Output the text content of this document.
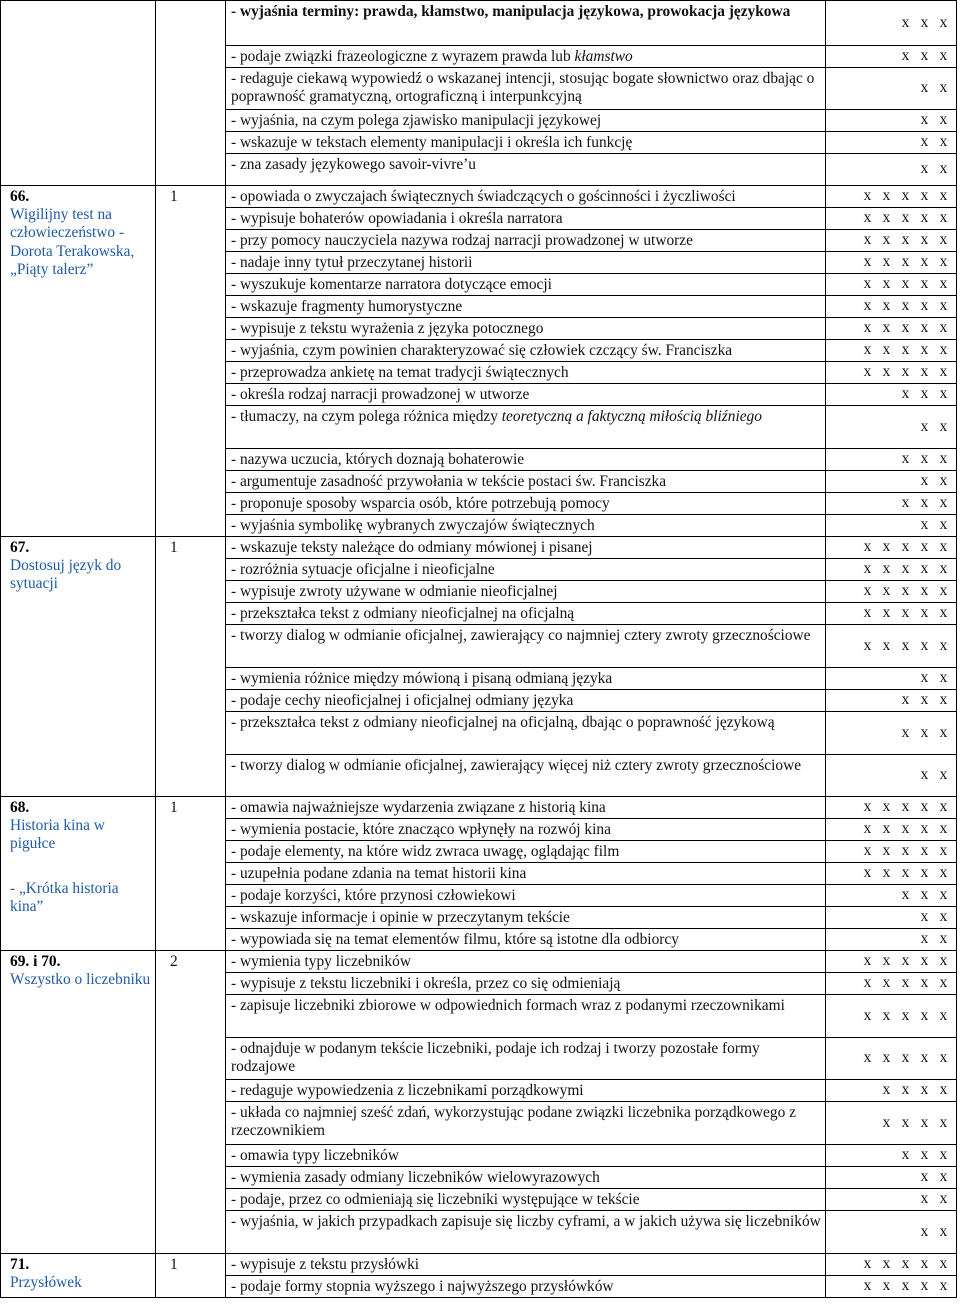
		- wyjaśnia terminy: prawda, kłamstwo, manipulacja językowa, prowokacja językowa	x x x

		- podaje związki frazeologiczne z wyrazem prawda lub kłamstwo	x x x

		- redaguje ciekawą wypowiedź o wskazanej intencji, stosując bogate słownictwo oraz dbając o poprawność gramatyczną, ortograficzną i interpunkcyjną	x x

		- wyjaśnia, na czym polega zjawisko manipulacji językowej	x x

		- wskazuje w tekstach elementy manipulacji i określa ich funkcję	x x

		- zna zasady językowego savoir-vivre’u	x x

66.
Wigilijny test na człowieczeństwo - Dorota Terakowska, „Piąty talerz”	1	- opowiada o zwyczajach świątecznych świadczących o gościnności i życzliwości	x x x x x

		- wypisuje bohaterów opowiadania i określa narratora	x x x x x

		- przy pomocy nauczyciela nazywa rodzaj narracji prowadzonej w utworze	x x x x x

		- nadaje inny tytuł przeczytanej historii	x x x x x

		- wyszukuje komentarze narratora dotyczące emocji	x x x x x

		- wskazuje fragmenty humorystyczne	x x x x x

		- wypisuje z tekstu wyrażenia z języka potocznego	x x x x x

		- wyjaśnia, czym powinien charakteryzować się człowiek czczący św. Franciszka	x x x x x

		- przeprowadza ankietę na temat tradycji świątecznych	x x x x x

		- określa rodzaj narracji prowadzonej w utworze	x x x

		- tłumaczy, na czym polega różnica między teoretyczną a faktyczną miłością bliźniego	x x

		- nazywa uczucia, których doznają bohaterowie	x x x

		- argumentuje zasadność przywołania w tekście postaci św. Franciszka	x x

		- proponuje sposoby wsparcia osób, które potrzebują pomocy	x x x

		- wyjaśnia symbolikę wybranych zwyczajów świątecznych	x x

67.
Dostosuj język do sytuacji	1	- wskazuje teksty należące do odmiany mówionej i pisanej	x x x x x

		- rozróżnia sytuacje oficjalne i nieoficjalne	x x x x x

		- wypisuje zwroty używane w odmianie nieoficjalnej	x x x x x

		- przekształca tekst z odmiany nieoficjalnej na oficjalną	x x x x x

		- tworzy dialog w odmianie oficjalnej, zawierający co najmniej cztery zwroty grzecznościowe	x x x x x

		- wymienia różnice między mówioną i pisaną odmianą języka	x x

		- podaje cechy nieoficjalnej i oficjalnej odmiany języka	x x x

		- przekształca tekst z odmiany nieoficjalnej na oficjalną, dbając o poprawność językową	x x x

		- tworzy dialog w odmianie oficjalnej, zawierający więcej niż cztery zwroty grzecznościowe	x x

68.
Historia kina w pigułce
- „Krótka historia kina”	1	- omawia najważniejsze wydarzenia związane z historią kina	x x x x x

		- wymienia postacie, które znacząco wpłynęły na rozwój kina	x x x x x

		- podaje elementy, na które widz zwraca uwagę, oglądając film	x x x x x

		- uzupełnia podane zdania na temat historii kina	x x x x x

		- podaje korzyści, które przynosi człowiekowi	x x x

		- wskazuje informacje i opinie w przeczytanym tekście	x x

		- wypowiada się na temat elementów filmu, które są istotne dla odbiorcy	x x

69. i 70.
Wszystko o liczebniku	2	- wymienia typy liczebników	x x x x x

		- wypisuje z tekstu liczebniki i określa, przez co się odmieniają	x x x x x

		- zapisuje liczebniki zbiorowe w odpowiednich formach wraz z podanymi rzeczownikami	x x x x x

		- odnajduje w podanym tekście liczebniki, podaje ich rodzaj i tworzy pozostałe formy rodzajowe	x x x x x

		- redaguje wypowiedzenia z liczebnikami porządkowymi	x x x x

		- układa co najmniej sześć zdań, wykorzystując podane związki liczebnika porządkowego z rzeczownikiem	x x x x

		- omawia typy liczebników	x x x

		- wymienia zasady odmiany liczebników wielowyrazowych	x x

		- podaje, przez co odmieniają się liczebniki występujące w tekście	x x

		- wyjaśnia, w jakich przypadkach zapisuje się liczby cyframi, a w jakich używa się liczebników	x x

71.
Przysłówek	1	- wypisuje z tekstu przysłówki	x x x x x

		- podaje formy stopnia wyższego i najwyższego przysłówków	x x x x x
